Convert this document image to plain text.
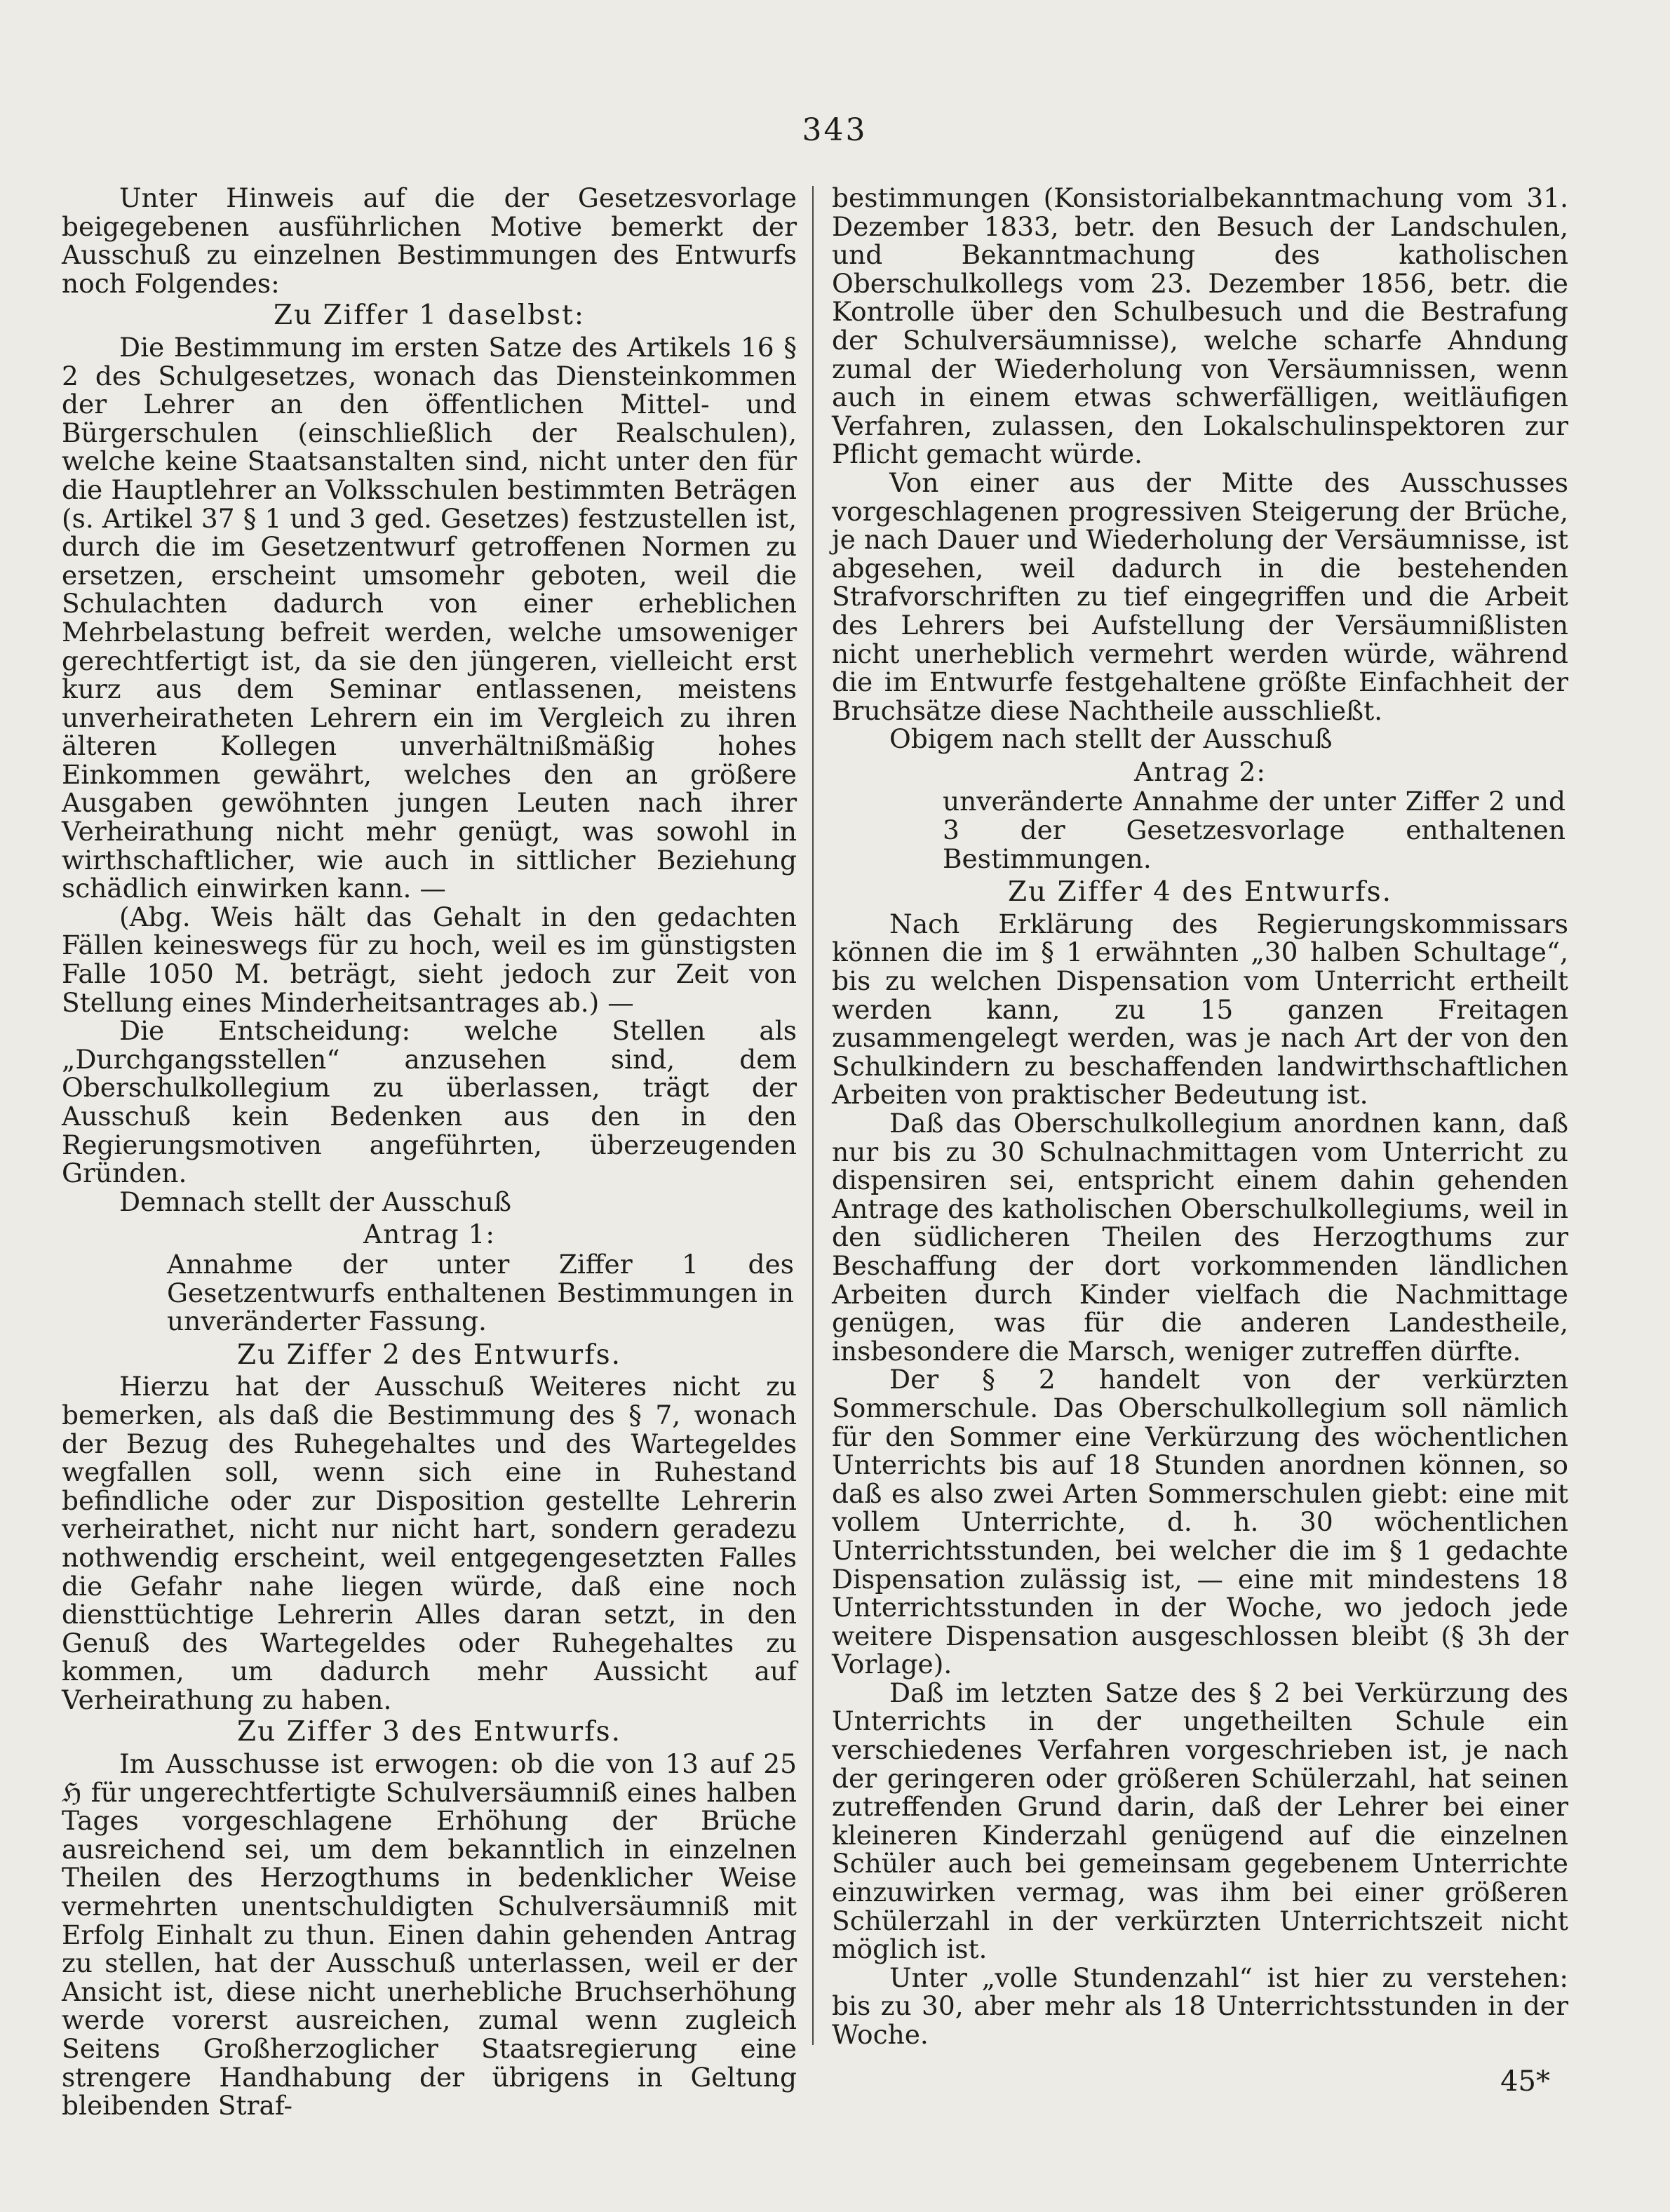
343

Unter Hinweis auf die der Gesetzesvorlage beigegebenen ausführlichen Motive bemerkt der Ausschuß zu einzelnen Bestimmungen des Entwurfs noch Folgendes:

Zu Ziffer 1 daselbst:

Die Bestimmung im ersten Satze des Artikels 16 § 2 des Schulgesetzes, wonach das Diensteinkommen der Lehrer an den öffentlichen Mittel- und Bürgerschulen (einschließlich der Realschulen), welche keine Staatsanstalten sind, nicht unter den für die Hauptlehrer an Volksschulen bestimmten Beträgen (s. Artikel 37 § 1 und 3 ged. Gesetzes) festzustellen ist, durch die im Gesetzentwurf getroffenen Normen zu ersetzen, erscheint umsomehr geboten, weil die Schulachten dadurch von einer erheblichen Mehrbelastung befreit werden, welche umsoweniger gerechtfertigt ist, da sie den jüngeren, vielleicht erst kurz aus dem Seminar entlassenen, meistens unverheiratheten Lehrern ein im Vergleich zu ihren älteren Kollegen unverhältnißmäßig hohes Einkommen gewährt, welches den an größere Ausgaben gewöhnten jungen Leuten nach ihrer Verheirathung nicht mehr genügt, was sowohl in wirthschaftlicher, wie auch in sittlicher Beziehung schädlich einwirken kann. —

(Abg. Weis hält das Gehalt in den gedachten Fällen keineswegs für zu hoch, weil es im günstigsten Falle 1050 M. beträgt, sieht jedoch zur Zeit von Stellung eines Minderheitsantrages ab.) —

Die Entscheidung: welche Stellen als „Durchgangsstellen“ anzusehen sind, dem Oberschulkollegium zu überlassen, trägt der Ausschuß kein Bedenken aus den in den Regierungsmotiven angeführten, überzeugenden Gründen.

Demnach stellt der Ausschuß

Antrag 1:

Annahme der unter Ziffer 1 des Gesetzentwurfs enthaltenen Bestimmungen in unveränderter Fassung.

Zu Ziffer 2 des Entwurfs.

Hierzu hat der Ausschuß Weiteres nicht zu bemerken, als daß die Bestimmung des § 7, wonach der Bezug des Ruhegehaltes und des Wartegeldes wegfallen soll, wenn sich eine in Ruhestand befindliche oder zur Disposition gestellte Lehrerin verheirathet, nicht nur nicht hart, sondern geradezu nothwendig erscheint, weil entgegengesetzten Falles die Gefahr nahe liegen würde, daß eine noch diensttüchtige Lehrerin Alles daran setzt, in den Genuß des Wartegeldes oder Ruhegehaltes zu kommen, um dadurch mehr Aussicht auf Verheirathung zu haben.

Zu Ziffer 3 des Entwurfs.

Im Ausschusse ist erwogen: ob die von 13 auf 25 ℌ für ungerechtfertigte Schulversäumniß eines halben Tages vorgeschlagene Erhöhung der Brüche ausreichend sei, um dem bekanntlich in einzelnen Theilen des Herzogthums in bedenklicher Weise vermehrten unentschuldigten Schulversäumniß mit Erfolg Einhalt zu thun. Einen dahin gehenden Antrag zu stellen, hat der Ausschuß unterlassen, weil er der Ansicht ist, diese nicht unerhebliche Bruchserhöhung werde vorerst ausreichen, zumal wenn zugleich Seitens Großherzoglicher Staatsregierung eine strengere Handhabung der übrigens in Geltung bleibenden Straf-

bestimmungen (Konsistorialbekanntmachung vom 31. Dezember 1833, betr. den Besuch der Landschulen, und Bekanntmachung des katholischen Oberschulkollegs vom 23. Dezember 1856, betr. die Kontrolle über den Schulbesuch und die Bestrafung der Schulversäumnisse), welche scharfe Ahndung zumal der Wiederholung von Versäumnissen, wenn auch in einem etwas schwerfälligen, weitläufigen Verfahren, zulassen, den Lokalschulinspektoren zur Pflicht gemacht würde.

Von einer aus der Mitte des Ausschusses vorgeschlagenen progressiven Steigerung der Brüche, je nach Dauer und Wiederholung der Versäumnisse, ist abgesehen, weil dadurch in die bestehenden Strafvorschriften zu tief eingegriffen und die Arbeit des Lehrers bei Aufstellung der Versäumnißlisten nicht unerheblich vermehrt werden würde, während die im Entwurfe festgehaltene größte Einfachheit der Bruchsätze diese Nachtheile ausschließt.

Obigem nach stellt der Ausschuß

Antrag 2:

unveränderte Annahme der unter Ziffer 2 und 3 der Gesetzesvorlage enthaltenen Bestimmungen.

Zu Ziffer 4 des Entwurfs.

Nach Erklärung des Regierungskommissars können die im § 1 erwähnten „30 halben Schultage“, bis zu welchen Dispensation vom Unterricht ertheilt werden kann, zu 15 ganzen Freitagen zusammengelegt werden, was je nach Art der von den Schulkindern zu beschaffenden landwirthschaftlichen Arbeiten von praktischer Bedeutung ist.

Daß das Oberschulkollegium anordnen kann, daß nur bis zu 30 Schulnachmittagen vom Unterricht zu dispensiren sei, entspricht einem dahin gehenden Antrage des katholischen Oberschulkollegiums, weil in den südlicheren Theilen des Herzogthums zur Beschaffung der dort vorkommenden ländlichen Arbeiten durch Kinder vielfach die Nachmittage genügen, was für die anderen Landestheile, insbesondere die Marsch, weniger zutreffen dürfte.

Der § 2 handelt von der verkürzten Sommerschule. Das Oberschulkollegium soll nämlich für den Sommer eine Verkürzung des wöchentlichen Unterrichts bis auf 18 Stunden anordnen können, so daß es also zwei Arten Sommerschulen giebt: eine mit vollem Unterrichte, d. h. 30 wöchentlichen Unterrichtsstunden, bei welcher die im § 1 gedachte Dispensation zulässig ist, — eine mit mindestens 18 Unterrichtsstunden in der Woche, wo jedoch jede weitere Dispensation ausgeschlossen bleibt (§ 3h der Vorlage).

Daß im letzten Satze des § 2 bei Verkürzung des Unterrichts in der ungetheilten Schule ein verschiedenes Verfahren vorgeschrieben ist, je nach der geringeren oder größeren Schülerzahl, hat seinen zutreffenden Grund darin, daß der Lehrer bei einer kleineren Kinderzahl genügend auf die einzelnen Schüler auch bei gemeinsam gegebenem Unterrichte einzuwirken vermag, was ihm bei einer größeren Schülerzahl in der verkürzten Unterrichtszeit nicht möglich ist.

Unter „volle Stundenzahl“ ist hier zu verstehen: bis zu 30, aber mehr als 18 Unterrichtsstunden in der Woche.

45*
